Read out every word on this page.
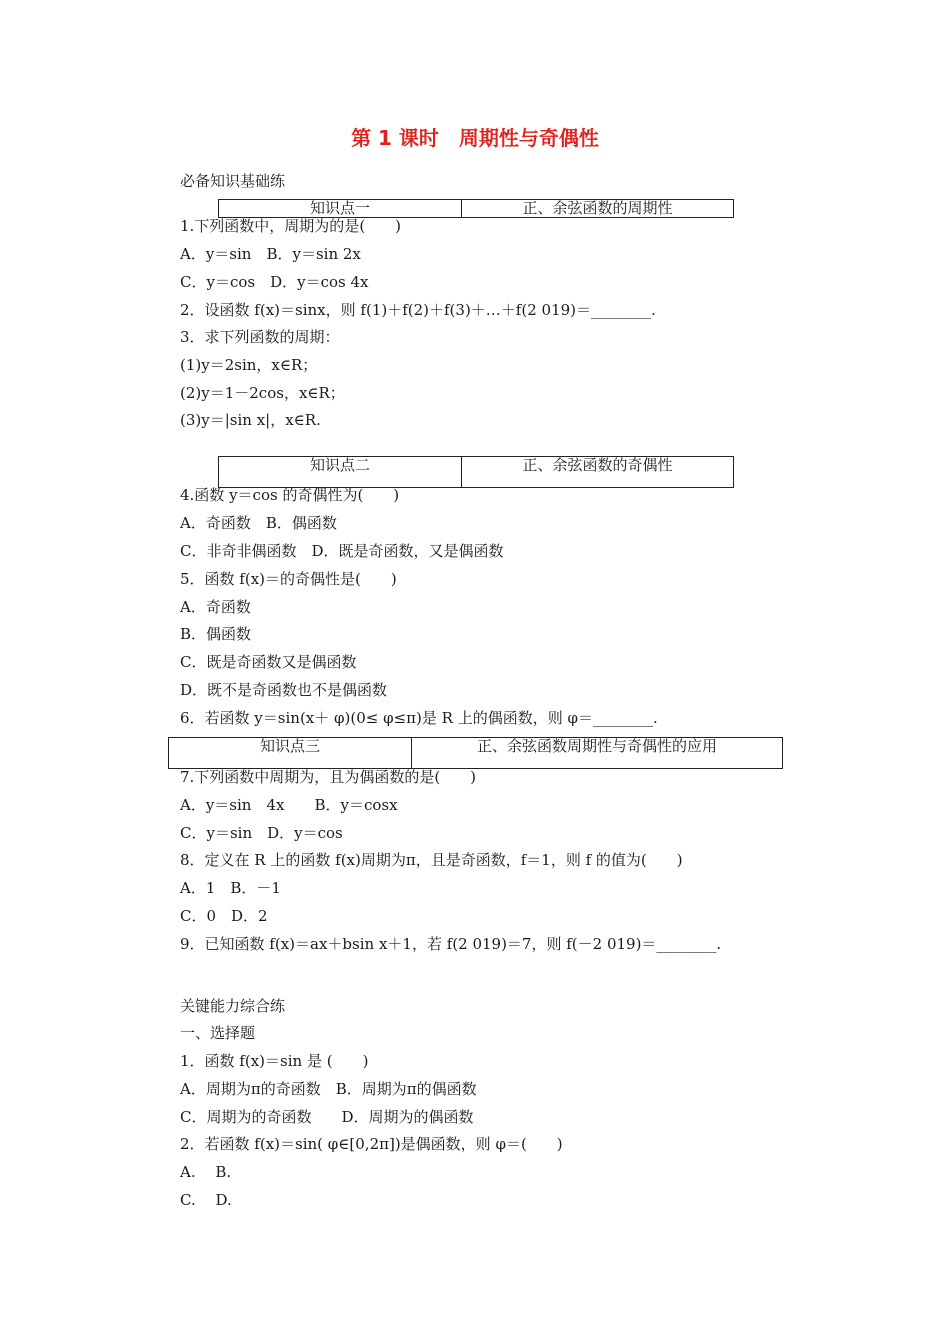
第 1 课时　周期性与奇偶性
必备知识基础练
知识点一	正、余弦函数的周期性
1.下列函数中，周期为的是(　　)
A．y＝sin　B．y＝sin 2x
C．y＝cos　D．y＝cos 4x
2．设函数 f(x)＝sinx，则 f(1)＋f(2)＋f(3)＋…＋f(2 019)＝________.
3．求下列函数的周期：
(1)y＝2sin，x∈R；
(2)y＝1－2cos，x∈R；
(3)y＝|sin x|，x∈R.
知识点二	正、余弦函数的奇偶性
4.函数 y＝cos 的奇偶性为(　　)
A．奇函数　B．偶函数
C．非奇非偶函数　D．既是奇函数，又是偶函数
5．函数 f(x)＝的奇偶性是(　　)
A．奇函数
B．偶函数
C．既是奇函数又是偶函数
D．既不是奇函数也不是偶函数
6．若函数 y＝sin(x＋ φ)(0≤ φ≤π)是 R 上的偶函数，则 φ＝________.
知识点三	正、余弦函数周期性与奇偶性的应用
7.下列函数中周期为，且为偶函数的是(　　)
A．y＝sin　4x　　B．y＝cosx
C．y＝sin　D．y＝cos
8．定义在 R 上的函数 f(x)周期为π，且是奇函数，f＝1，则 f 的值为(　　)
A．1　B．－1
C．0　D．2
9．已知函数 f(x)＝ax＋bsin x＋1，若 f(2 019)＝7，则 f(－2 019)＝________.
关键能力综合练
一、选择题
1．函数 f(x)＝sin 是 (　　)
A．周期为π的奇函数　B．周期为π的偶函数
C．周期为的奇函数　　D．周期为的偶函数
2．若函数 f(x)＝sin( φ∈[0,2π])是偶函数，则 φ＝(　　)
A.　 B.
C.　 D.
